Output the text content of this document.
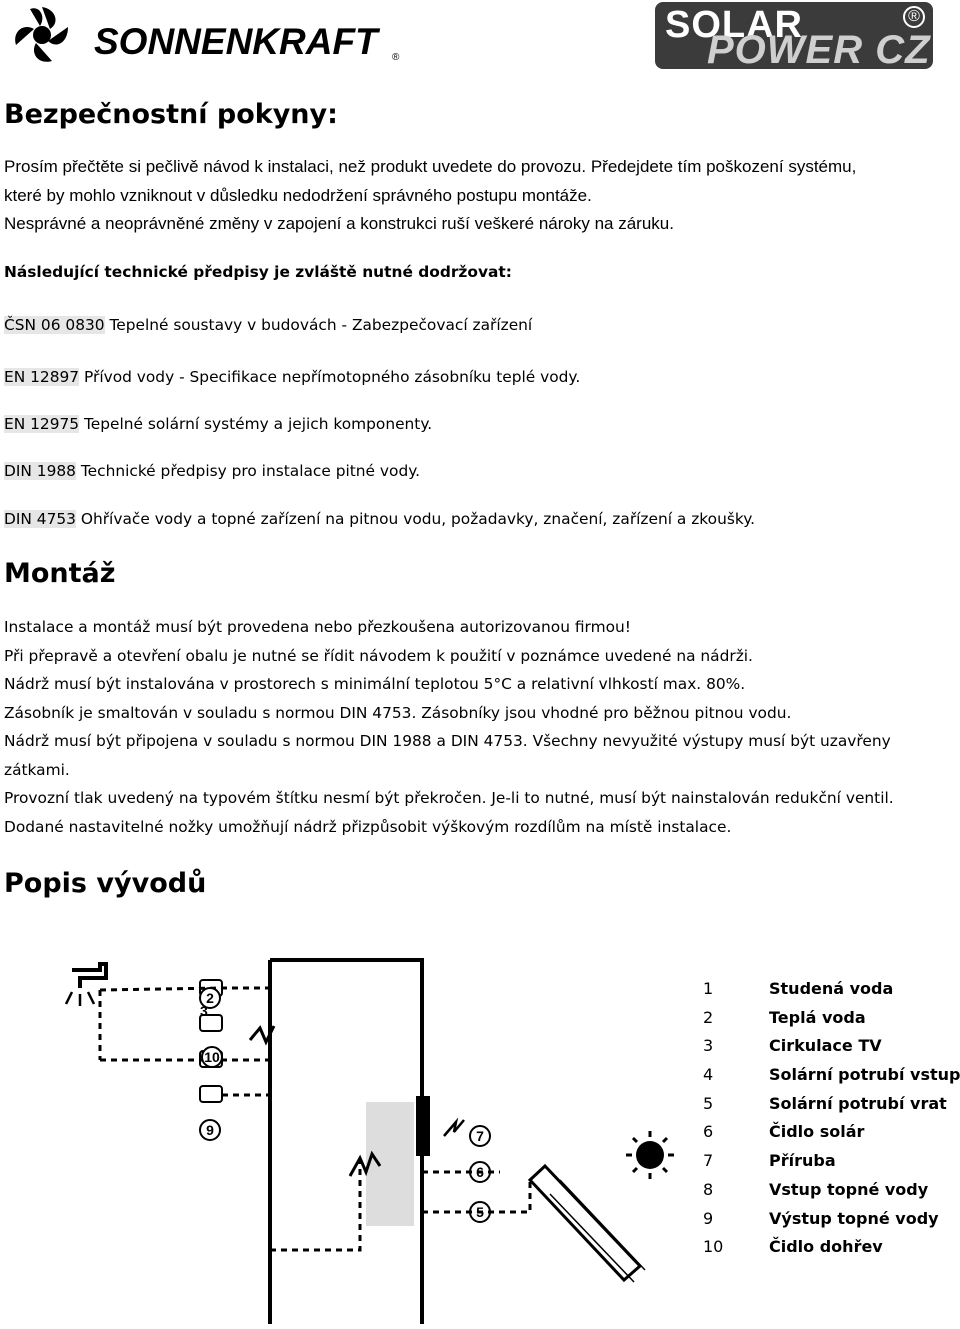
SONNENKRAFT	®
SOLAR
POWER CZ
®
Bezpečnostní pokyny:
Prosím přečtěte si pečlivě návod k instalaci, než produkt uvedete do provozu. Předejdete tím poškození systému,
které by mohlo vzniknout v důsledku nedodržení správného postupu montáže.
Nesprávné a neoprávněné změny v zapojení a konstrukci ruší veškeré nároky na záruku.
Následující technické předpisy je zvláště nutné dodržovat:
ČSN 06 0830 Tepelné soustavy v budovách - Zabezpečovací zařízení
EN 12897 Přívod vody - Specifikace nepřímotopného zásobníku teplé vody.
EN 12975 Tepelné solární systémy a jejich komponenty.
DIN 1988 Technické předpisy pro instalace pitné vody.
DIN 4753 Ohřívače vody a topné zařízení na pitnou vodu, požadavky, značení, zařízení a zkoušky.
Montáž
Instalace a montáž musí být provedena nebo přezkoušena autorizovanou firmou!
Při přepravě a otevření obalu je nutné se řídit návodem k použití v poznámce uvedené na nádrži.
Nádrž musí být instalována v prostorech s minimální teplotou 5°C a relativní vlhkostí max. 80%.
Zásobník je smaltován v souladu s normou DIN 4753. Zásobníky jsou vhodné pro běžnou pitnou vodu.
Nádrž musí být připojena v souladu s normou DIN 1988 a DIN 4753. Všechny nevyužité výstupy musí být uzavřeny
zátkami.
Provozní tlak uvedený na typovém štítku nesmí být překročen. Je-li to nutné, musí být nainstalován redukční ventil.
Dodané nastavitelné nožky umožňují nádrž přizpůsobit výškovým rozdílům na místě instalace.
Popis vývodů
2
10
9	7
6
5
1	Studená voda
2	Teplá voda
3	Cirkulace TV
4	Solární potrubí vstup
5	Solární potrubí vrat
6	Čidlo solár
7	Příruba
8	Vstup topné vody
9	Výstup topné vody
10	Čidlo dohřev
3
